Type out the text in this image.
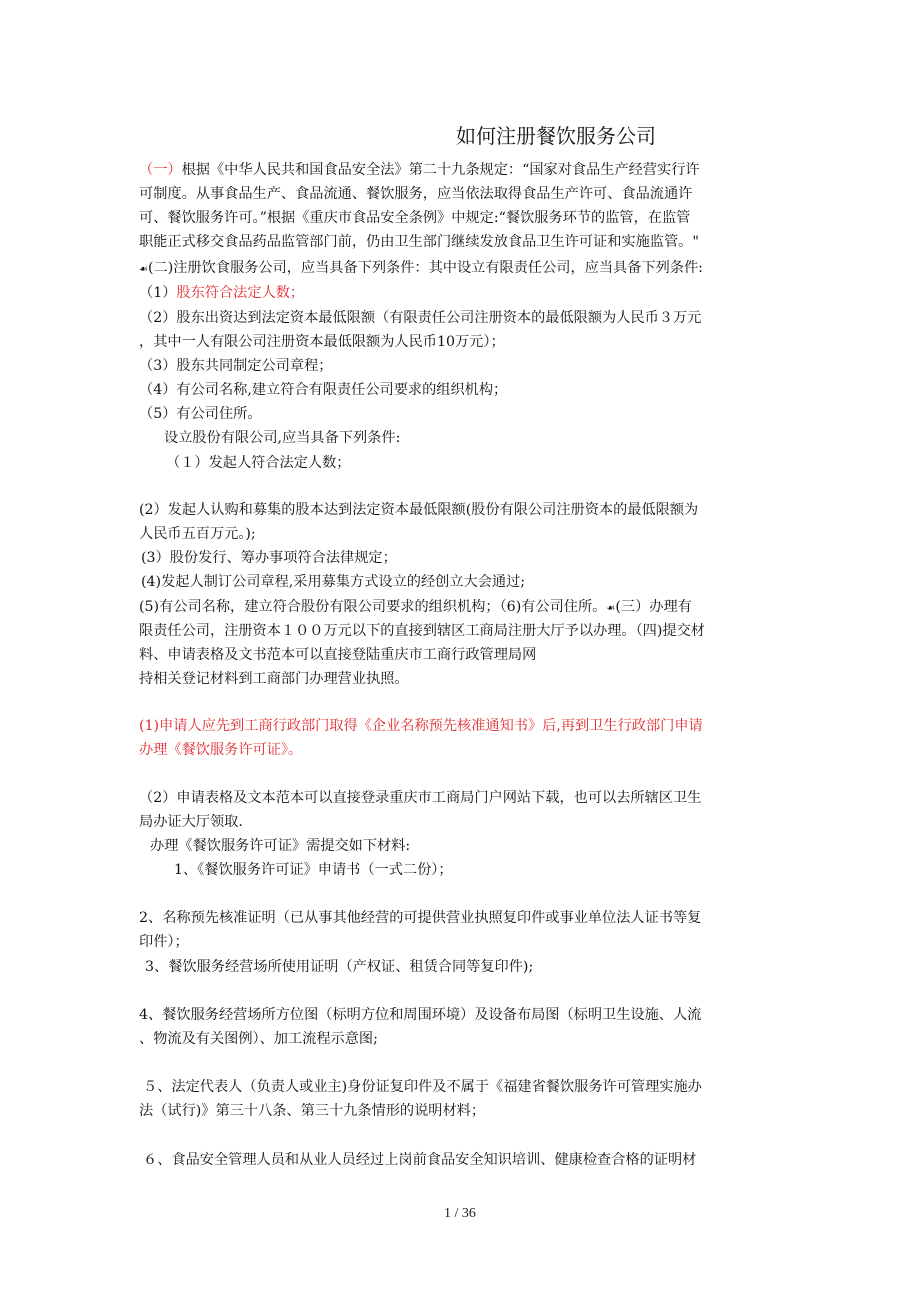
如何注册餐饮服务公司
（一）根据《中华人民共和国食品安全法》第二十九条规定：“国家对食品生产经营实行许
可制度。从事食品生产、食品流通、餐饮服务，应当依法取得食品生产许可、食品流通许
可、餐饮服务许可。”根据《重庆市食品安全条例》中规定:“餐饮服务环节的监管，在监管
职能正式移交食品药品监管部门前，仍由卫生部门继续发放食品卫生许可证和实施监管。"
☙(二)注册饮食服务公司，应当具备下列条件：其中设立有限责任公司，应当具备下列条件:
（1）股东符合法定人数；
（2）股东出资达到法定资本最低限额（有限责任公司注册资本的最低限额为人民币３万元
，其中一人有限公司注册资本最低限额为人民币10万元）；
（3）股东共同制定公司章程；
（4）有公司名称,建立符合有限责任公司要求的组织机构；
（5）有公司住所。
设立股份有限公司,应当具备下列条件:
（１）发起人符合法定人数；
(2）发起人认购和募集的股本达到法定资本最低限额(股份有限公司注册资本的最低限额为
人民币五百万元。);
(3）股份发行、筹办事项符合法律规定；
(4)发起人制订公司章程,采用募集方式设立的经创立大会通过;
(5)有公司名称，建立符合股份有限公司要求的组织机构；（6)有公司住所。☙(三）办理有
限责任公司，注册资本１００万元以下的直接到辖区工商局注册大厅予以办理。（四)提交材
料、申请表格及文书范本可以直接登陆重庆市工商行政管理局网
持相关登记材料到工商部门办理营业执照。
(1)申请人应先到工商行政部门取得《企业名称预先核准通知书》后,再到卫生行政部门申请
办理《餐饮服务许可证》。
（2）申请表格及文本范本可以直接登录重庆市工商局门户网站下载，也可以去所辖区卫生
局办证大厅领取.
办理《餐饮服务许可证》需提交如下材料:
1、《餐饮服务许可证》申请书（一式二份）；
2、名称预先核准证明（已从事其他经营的可提供营业执照复印件或事业单位法人证书等复
印件）；
3、餐饮服务经营场所使用证明（产权证、租赁合同等复印件);
4、餐饮服务经营场所方位图（标明方位和周围环境）及设备布局图（标明卫生设施、人流
、物流及有关图例）、加工流程示意图;
５、法定代表人（负责人或业主)身份证复印件及不属于《福建省餐饮服务许可管理实施办
法（试行)》第三十八条、第三十九条情形的说明材料；
６、食品安全管理人员和从业人员经过上岗前食品安全知识培训、健康检查合格的证明材
1 / 36
